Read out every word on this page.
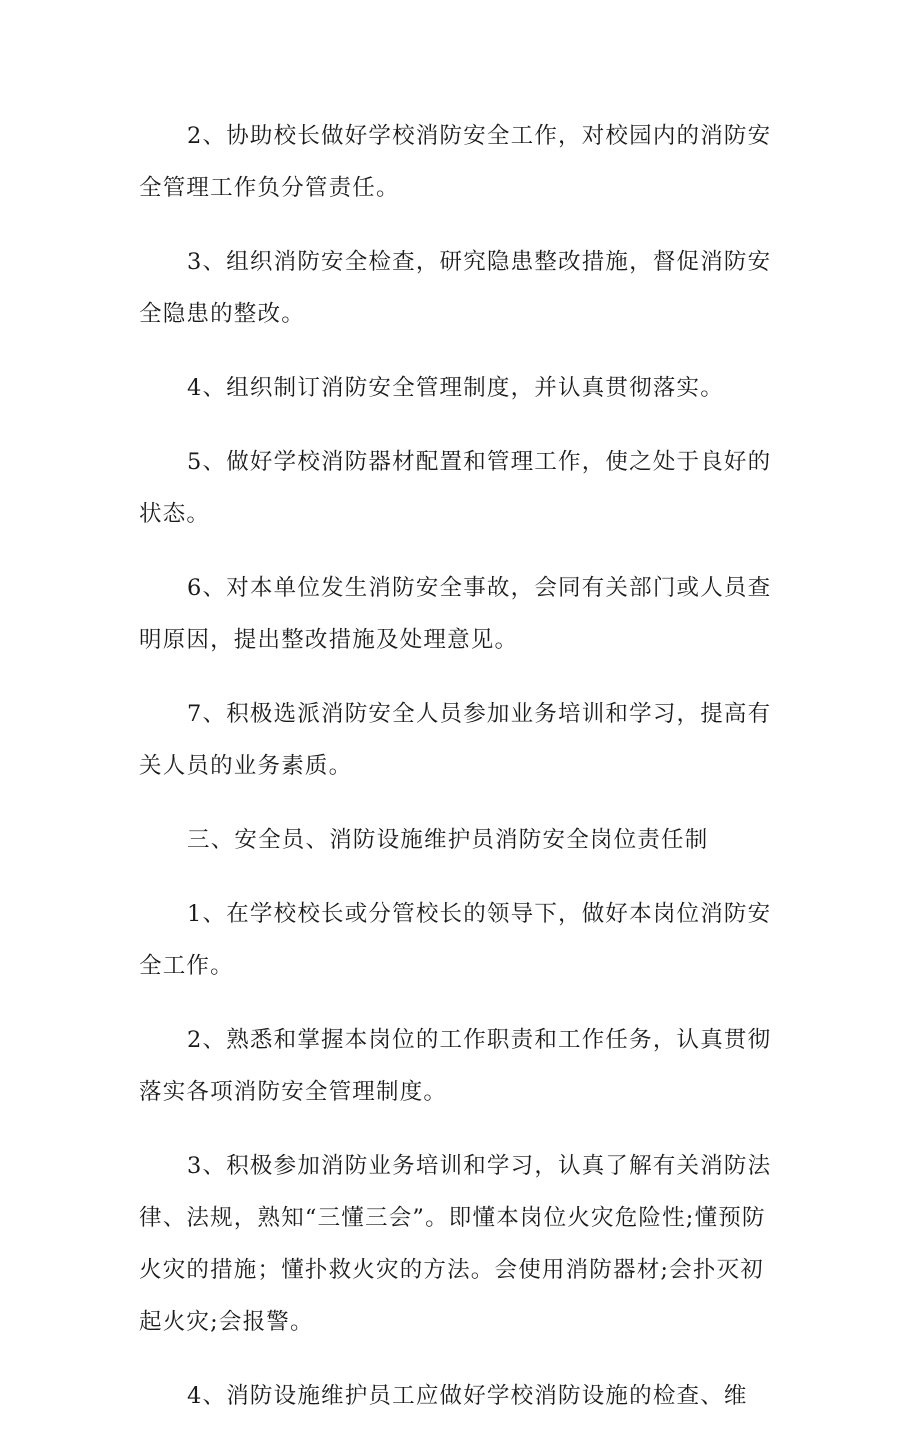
2、协助校长做好学校消防安全工作，对校园内的消防安全管理工作负分管责任。

3、组织消防安全检查，研究隐患整改措施，督促消防安全隐患的整改。

4、组织制订消防安全管理制度，并认真贯彻落实。

5、做好学校消防器材配置和管理工作，使之处于良好的状态。

6、对本单位发生消防安全事故，会同有关部门或人员查明原因，提出整改措施及处理意见。

7、积极选派消防安全人员参加业务培训和学习，提高有关人员的业务素质。

三、安全员、消防设施维护员消防安全岗位责任制

1、在学校校长或分管校长的领导下，做好本岗位消防安全工作。

2、熟悉和掌握本岗位的工作职责和工作任务，认真贯彻落实各项消防安全管理制度。

3、积极参加消防业务培训和学习，认真了解有关消防法律、法规，熟知“三懂三会”。即懂本岗位火灾危险性;懂预防火灾的措施；懂扑救火灾的方法。会使用消防器材;会扑灭初起火灾;会报警。

4、消防设施维护员工应做好学校消防设施的检查、维
